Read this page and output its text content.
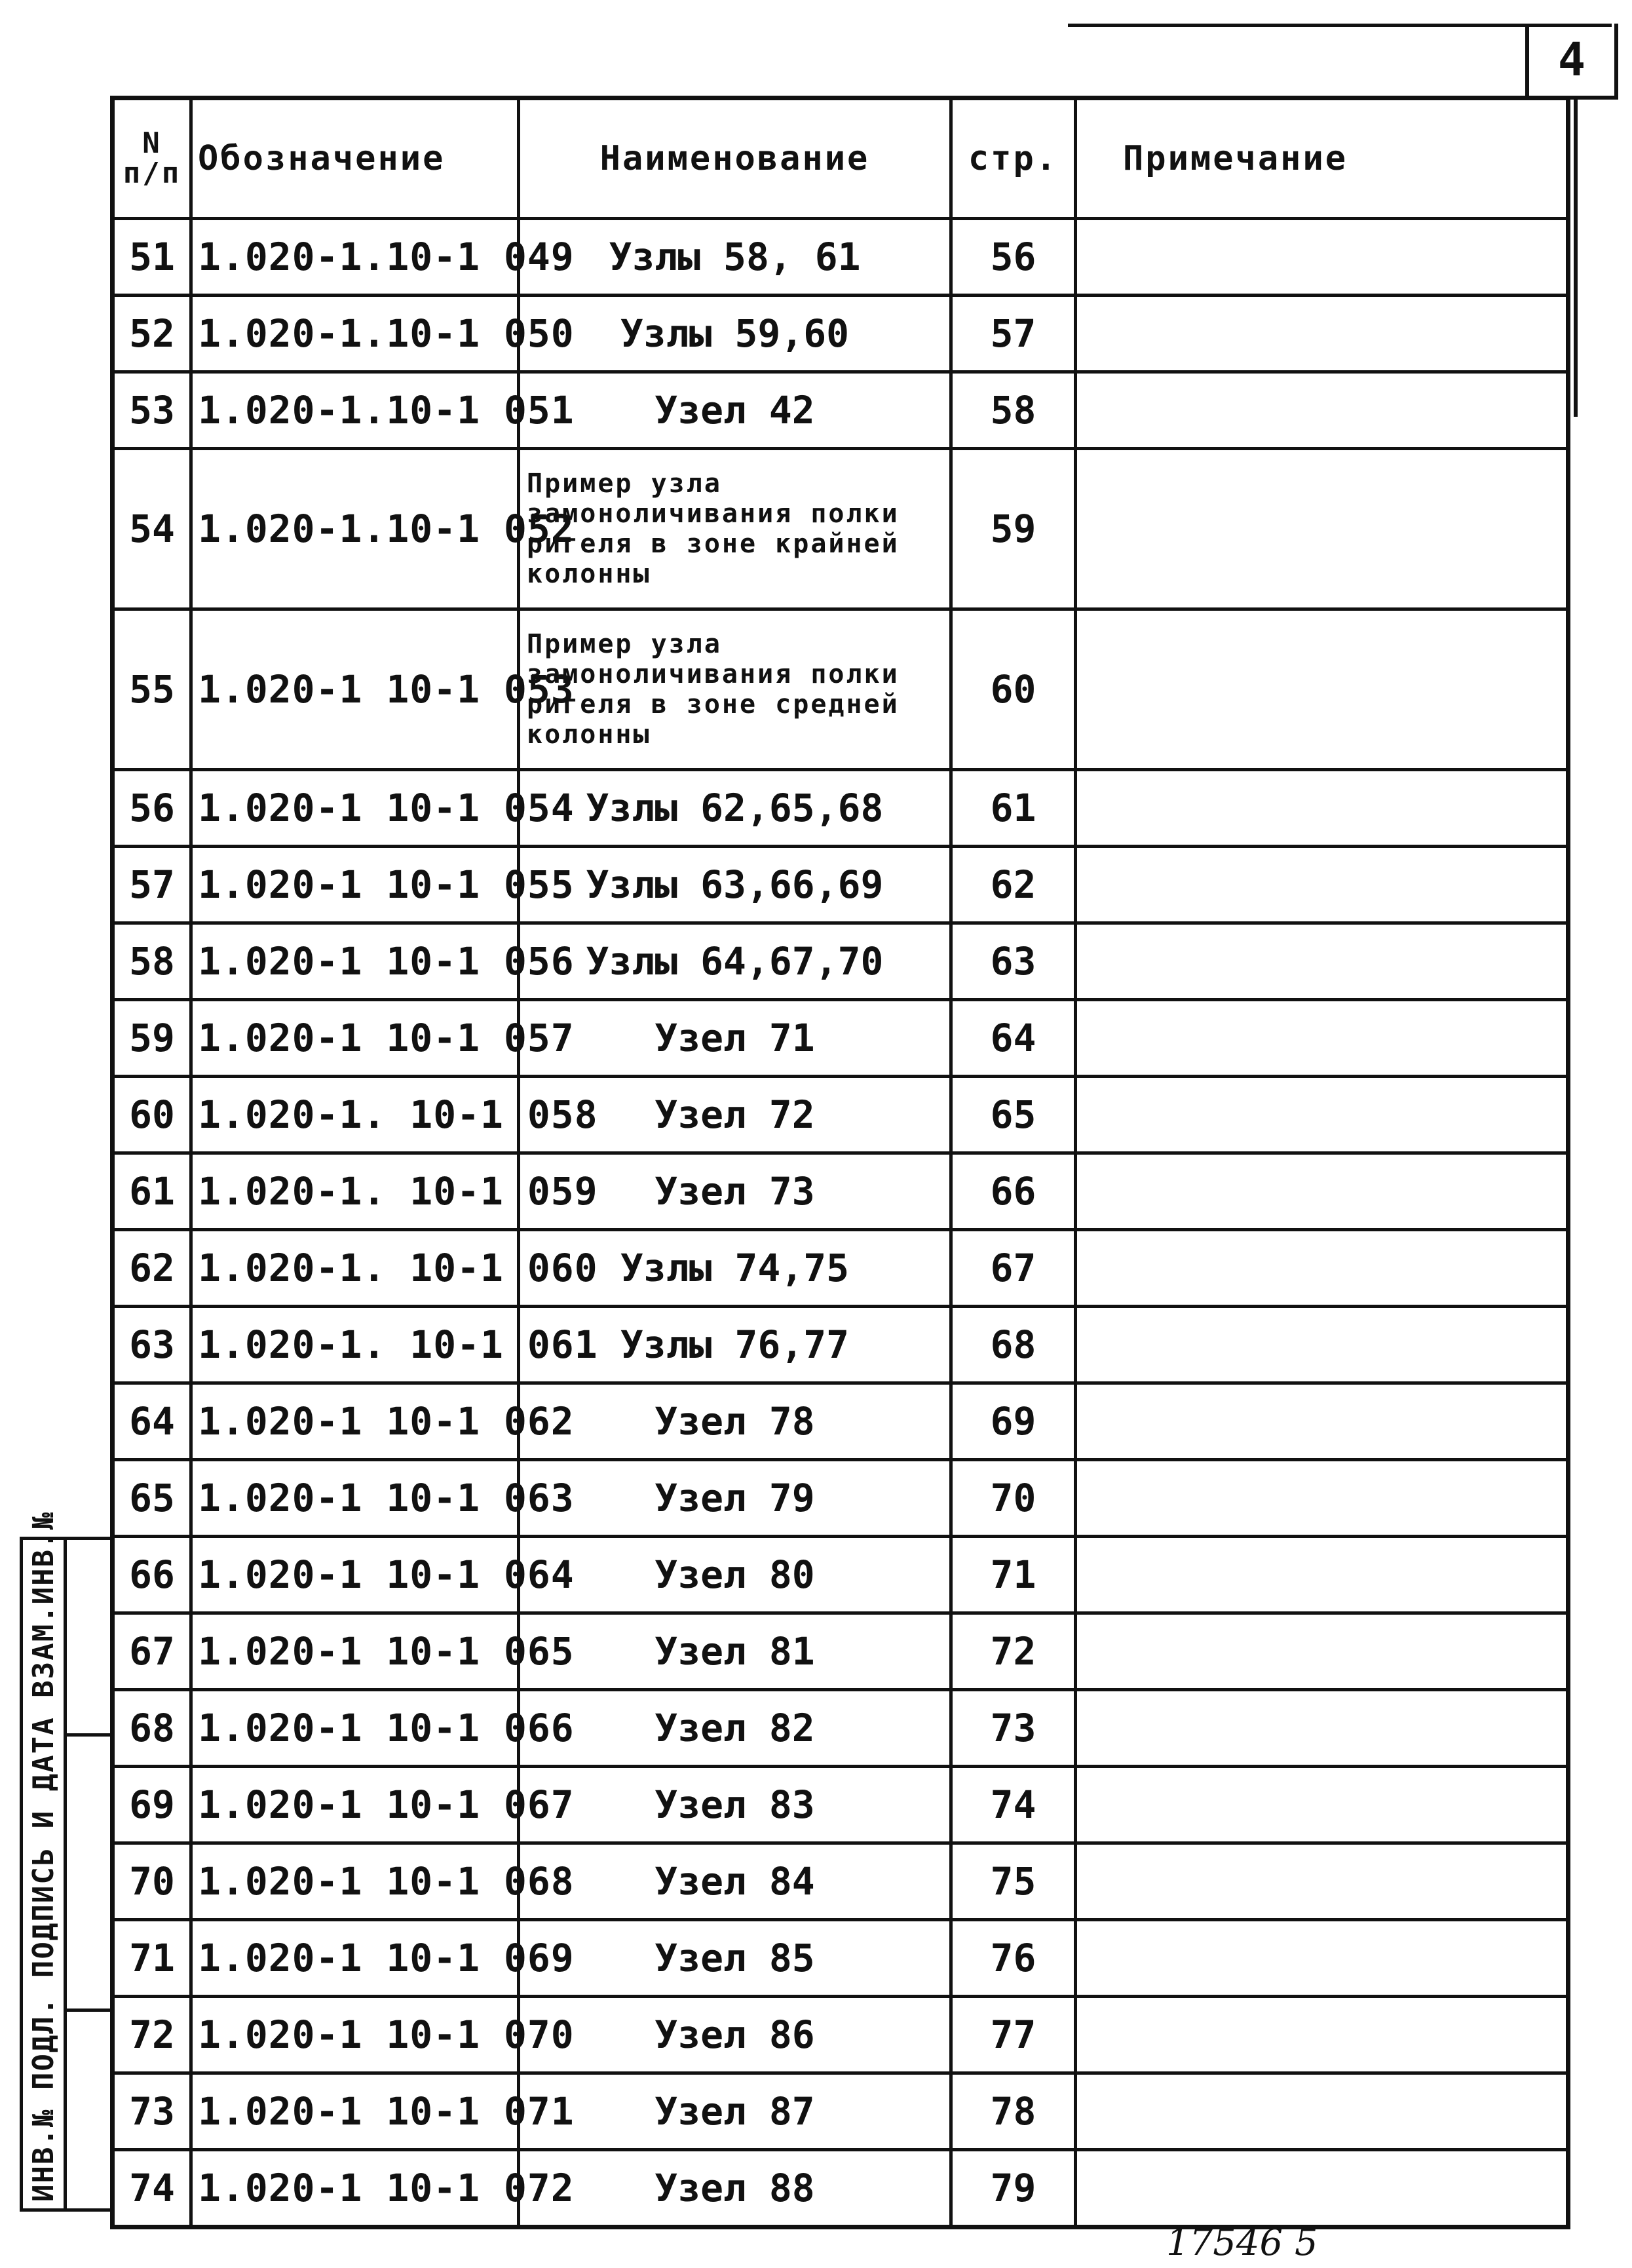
4
N
п/п	Обозначение	Наименование	стр.	Примечание
51	1.020-1.10-1 049	Узлы 58, 61	56	
52	1.020-1.10-1 050	Узлы 59,60	57	
53	1.020-1.10-1 051	Узел 42	58	
54	1.020-1.10-1 052	Пример узла замоноличивания полки ригеля в зоне крайней колонны	59	
55	1.020-1 10-1 053	Пример узла замоноличивания полки ригеля в зоне средней колонны	60	
56	1.020-1 10-1 054	Узлы 62,65,68	61	
57	1.020-1 10-1 055	Узлы 63,66,69	62	
58	1.020-1 10-1 056	Узлы 64,67,70	63	
59	1.020-1 10-1 057	Узел 71	64	
60	1.020-1. 10-1 058	Узел 72	65	
61	1.020-1. 10-1 059	Узел 73	66	
62	1.020-1. 10-1 060	Узлы 74,75	67	
63	1.020-1. 10-1 061	Узлы 76,77	68	
64	1.020-1 10-1 062	Узел 78	69	
65	1.020-1 10-1 063	Узел 79	70	
66	1.020-1 10-1 064	Узел 80	71	
67	1.020-1 10-1 065	Узел 81	72	
68	1.020-1 10-1 066	Узел 82	73	
69	1.020-1 10-1 067	Узел 83	74	
70	1.020-1 10-1 068	Узел 84	75	
71	1.020-1 10-1 069	Узел 85	76	
72	1.020-1 10-1 070	Узел 86	77	
73	1.020-1 10-1 071	Узел 87	78	
74	1.020-1 10-1 072	Узел 88	79	
ИНВ.№ ПОДЛ. ПОДПИСЬ И ДАТА ВЗАМ.ИНВ.№
17546 5
